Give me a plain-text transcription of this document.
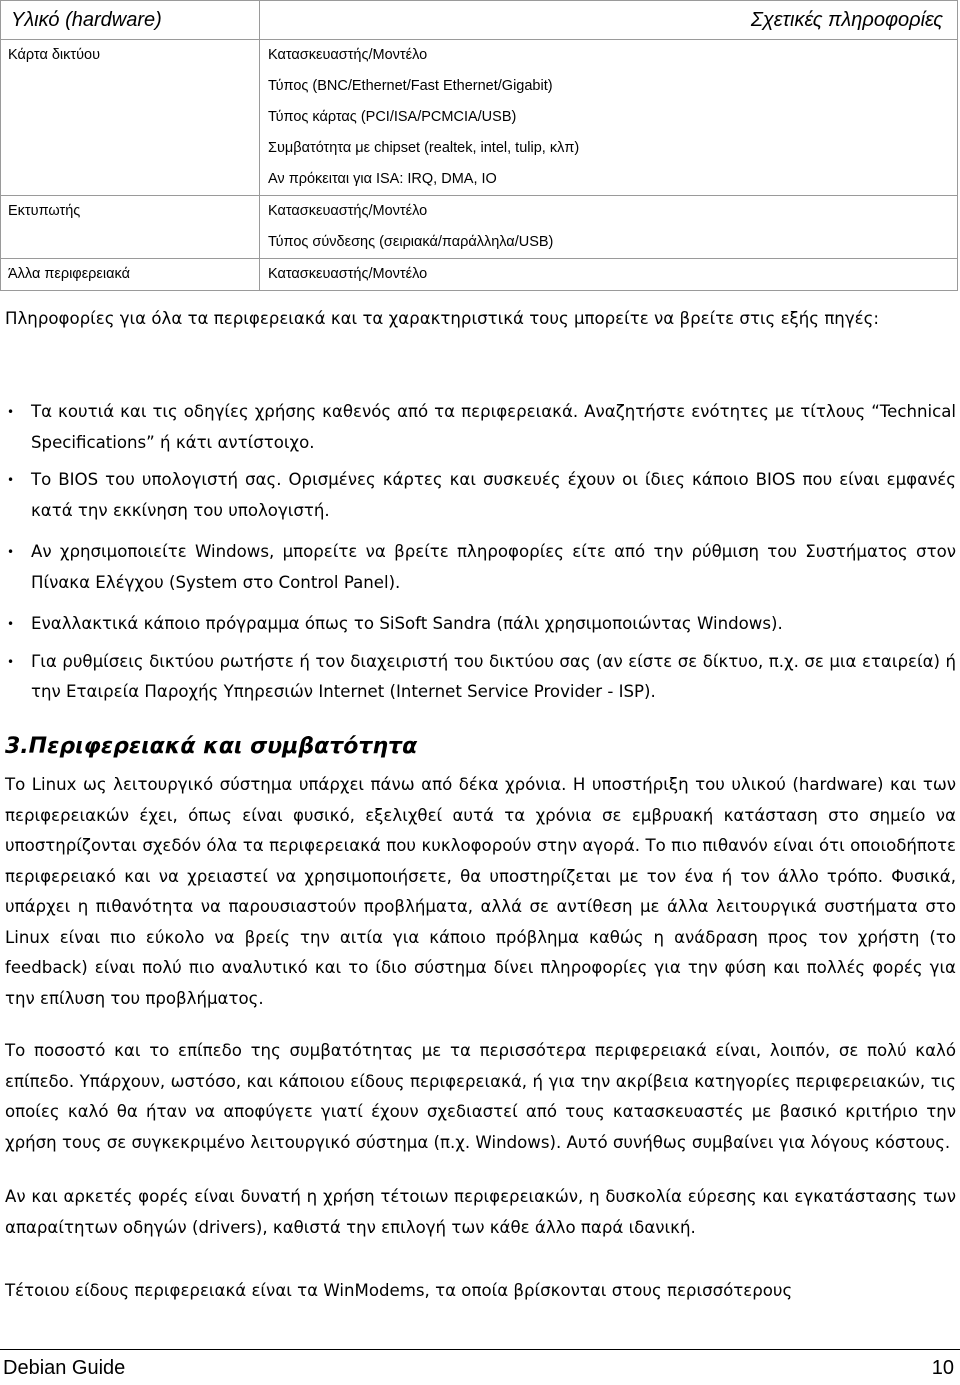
Υλικό (hardware)	Σχετικές πληροφορίες

Κάρτα δικτύου	Κατασκευαστής/Μοντέλο
Τύπος (BNC/Ethernet/Fast Ethernet/Gigabit)
Τύπος κάρτας (PCI/ISA/PCMCIA/USB)
Συμβατότητα με chipset (realtek, intel, tulip, κλπ)
Αν πρόκειται για ISA: IRQ, DMA, IO

Εκτυπωτής	Κατασκευαστής/Μοντέλο
Τύπος σύνδεσης (σειριακά/παράλληλα/USB)

Άλλα περιφερειακά	Κατασκευαστής/Μοντέλο

Πληροφορίες για όλα τα περιφερειακά και τα χαρακτηριστικά τους μπορείτε να βρείτε στις εξής πηγές:

• Τα κουτιά και τις οδηγίες χρήσης καθενός από τα περιφερειακά. Αναζητήστε ενότητες με τίτλους “Technical Specifications” ή κάτι αντίστοιχο.
• Το BIOS του υπολογιστή σας. Ορισμένες κάρτες και συσκευές έχουν οι ίδιες κάποιο BIOS που είναι εμφανές κατά την εκκίνηση του υπολογιστή.
• Αν χρησιμοποιείτε Windows, μπορείτε να βρείτε πληροφορίες είτε από την ρύθμιση του Συστήματος στον Πίνακα Ελέγχου (System στο Control Panel).
• Εναλλακτικά κάποιο πρόγραμμα όπως το SiSoft Sandra (πάλι χρησιμοποιώντας Windows).
• Για ρυθμίσεις δικτύου ρωτήστε ή τον διαχειριστή του δικτύου σας (αν είστε σε δίκτυο, π.χ. σε μια εταιρεία) ή την Εταιρεία Παροχής Υπηρεσιών Internet (Internet Service Provider - ISP).
3.Περιφερειακά και συμβατότητα

Το Linux ως λειτουργικό σύστημα υπάρχει πάνω από δέκα χρόνια. Η υποστήριξη του υλικού (hardware) και των περιφερειακών έχει, όπως είναι φυσικό, εξελιχθεί αυτά τα χρόνια σε εμβρυακή κατάσταση στο σημείο να υποστηρίζονται σχεδόν όλα τα περιφερειακά που κυκλοφορούν στην αγορά. Το πιο πιθανόν είναι ότι οποιοδήποτε περιφερειακό και να χρειαστεί να χρησιμοποιήσετε, θα υποστηρίζεται με τον ένα ή τον άλλο τρόπο. Φυσικά, υπάρχει η πιθανότητα να παρουσιαστούν προβλήματα, αλλά σε αντίθεση με άλλα λειτουργικά συστήματα στο Linux είναι πιο εύκολο να βρείς την αιτία για κάποιο πρόβλημα καθώς η ανάδραση προς τον χρήστη (το feedback) είναι πολύ πιο αναλυτικό και το ίδιο σύστημα δίνει πληροφορίες για την φύση και πολλές φορές για την επίλυση του προβλήματος.

Το ποσοστό και το επίπεδο της συμβατότητας με τα περισσότερα περιφερειακά είναι, λοιπόν, σε πολύ καλό επίπεδο. Υπάρχουν, ωστόσο, και κάποιου είδους περιφερειακά, ή για την ακρίβεια κατηγορίες περιφερειακών, τις οποίες καλό θα ήταν να αποφύγετε γιατί έχουν σχεδιαστεί από τους κατασκευαστές με βασικό κριτήριο την χρήση τους σε συγκεκριμένο λειτουργικό σύστημα (π.χ. Windows). Αυτό συνήθως συμβαίνει για λόγους κόστους.

Αν και αρκετές φορές είναι δυνατή η χρήση τέτοιων περιφερειακών, η δυσκολία εύρεσης και εγκατάστασης των απαραίτητων οδηγών (drivers), καθιστά την επιλογή των κάθε άλλο παρά ιδανική.

Τέτοιου είδους περιφερειακά είναι τα WinModems, τα οποία βρίσκονται στους περισσότερους

Debian Guide	10
